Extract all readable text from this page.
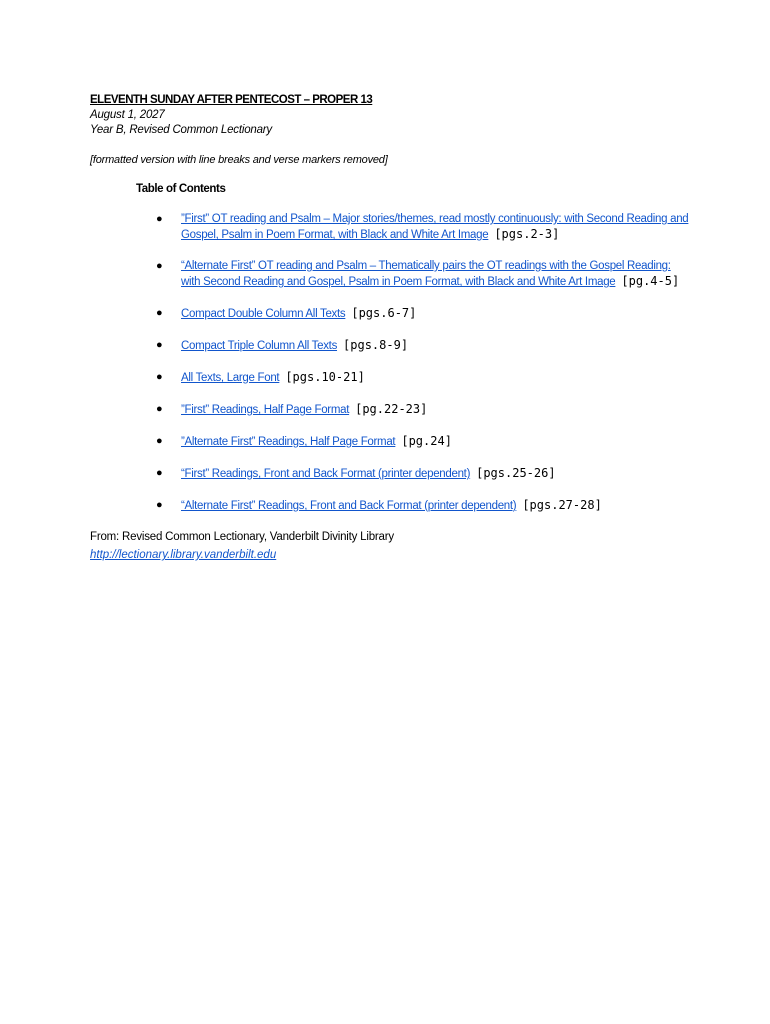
ELEVENTH SUNDAY AFTER PENTECOST – PROPER 13
August 1, 2027
Year B, Revised Common Lectionary
[formatted version with line breaks and verse markers removed]
Table of Contents
● ”First” OT reading and Psalm – Major stories/themes, read mostly continuously: with Second Reading and Gospel, Psalm in Poem Format, with Black and White Art Image [pgs.2-3]
● “Alternate First” OT reading and Psalm – Thematically pairs the OT readings with the Gospel Reading: with Second Reading and Gospel, Psalm in Poem Format, with Black and White Art Image [pg.4-5]
● Compact Double Column All Texts [pgs.6-7]
● Compact Triple Column All Texts [pgs.8-9]
● All Texts, Large Font [pgs.10-21]
● ”First” Readings, Half Page Format [pg.22-23]
● ”Alternate First” Readings, Half Page Format [pg.24]
● “First” Readings, Front and Back Format (printer dependent) [pgs.25-26]
● “Alternate First” Readings, Front and Back Format (printer dependent) [pgs.27-28]
From: Revised Common Lectionary, Vanderbilt Divinity Library
http://lectionary.library.vanderbilt.edu
